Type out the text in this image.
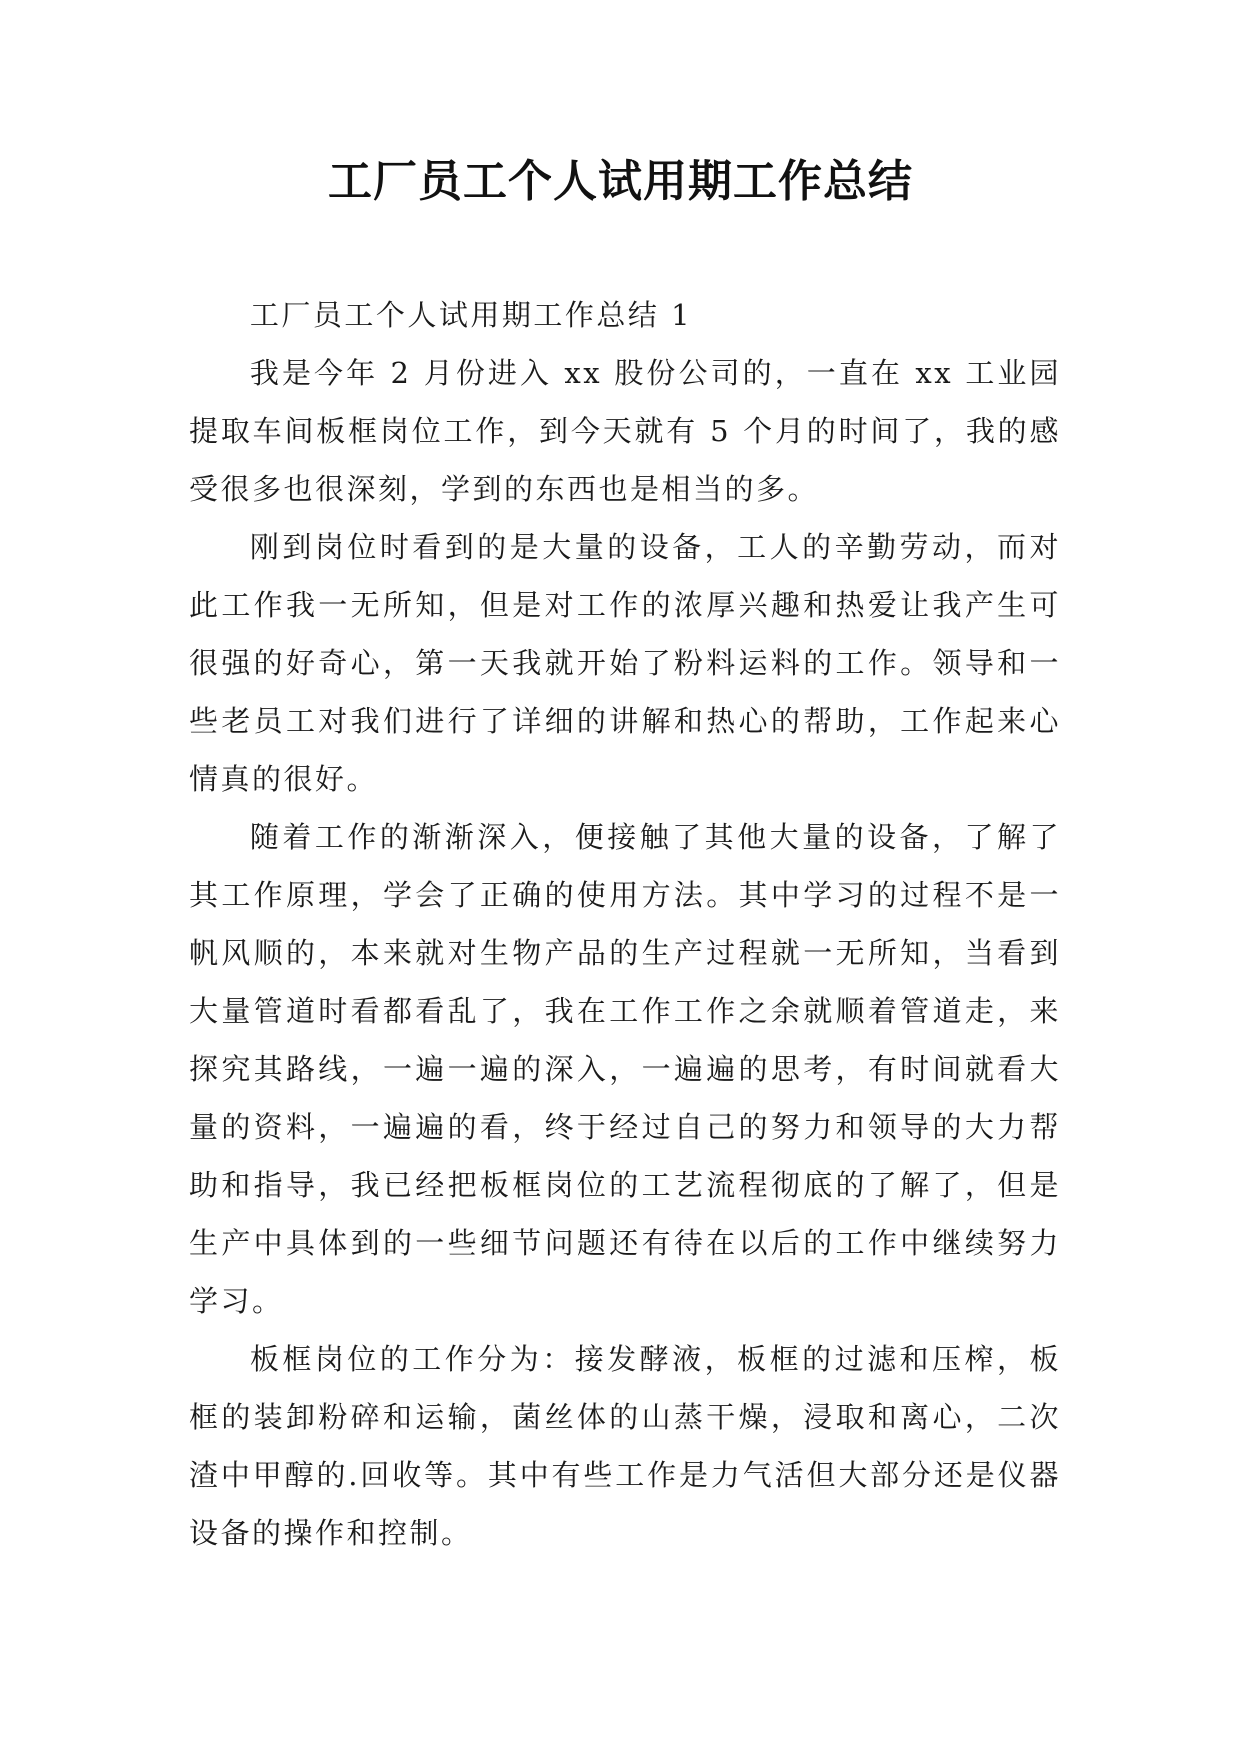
工厂员工个人试用期工作总结

工厂员工个人试用期工作总结 1

我是今年 2 月份进入 xx 股份公司的，一直在 xx 工业园提取车间板框岗位工作，到今天就有 5 个月的时间了，我的感受很多也很深刻，学到的东西也是相当的多。

刚到岗位时看到的是大量的设备，工人的辛勤劳动，而对此工作我一无所知，但是对工作的浓厚兴趣和热爱让我产生可很强的好奇心，第一天我就开始了粉料运料的工作。领导和一些老员工对我们进行了详细的讲解和热心的帮助，工作起来心情真的很好。

随着工作的渐渐深入，便接触了其他大量的设备，了解了其工作原理，学会了正确的使用方法。其中学习的过程不是一帆风顺的，本来就对生物产品的生产过程就一无所知，当看到大量管道时看都看乱了，我在工作工作之余就顺着管道走，来探究其路线，一遍一遍的深入，一遍遍的思考，有时间就看大量的资料，一遍遍的看，终于经过自己的努力和领导的大力帮助和指导，我已经把板框岗位的工艺流程彻底的了解了，但是生产中具体到的一些细节问题还有待在以后的工作中继续努力学习。

板框岗位的工作分为：接发酵液，板框的过滤和压榨，板框的装卸粉碎和运输，菌丝体的山蒸干燥，浸取和离心，二次渣中甲醇的.回收等。其中有些工作是力气活但大部分还是仪器设备的操作和控制。
